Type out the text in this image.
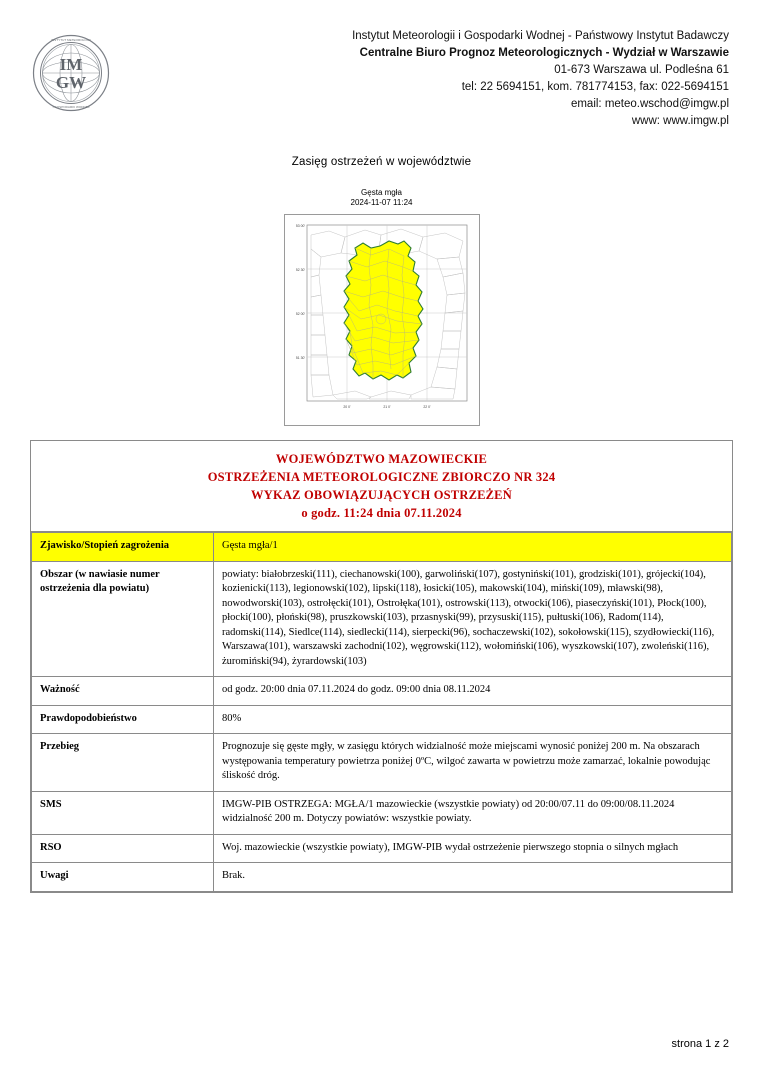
IM
GW
INSTYTUT METEOROLOGII
I GOSPODARKI WODNEJ
Instytut Meteorologii i Gospodarki Wodnej - Państwowy Instytut Badawczy
Centralne Biuro Prognoz Meteorologicznych - Wydział w Warszawie
01-673 Warszawa ul. Podleśna 61
tel: 22 5694151, kom. 781774153, fax: 022-5694151
email: meteo.wschod@imgw.pl
www: www.imgw.pl
Zasięg ostrzeżeń w województwie
Gęsta mgła
2024-11-07 11:24
53 00'
52 30'
52 00'
51 30'
20 0'	21 0'	22 0'
WOJEWÓDZTWO MAZOWIECKIE
OSTRZEŻENIA METEOROLOGICZNE ZBIORCZO NR 324
WYKAZ OBOWIĄZUJĄCYCH OSTRZEŻEŃ
o godz. 11:24 dnia 07.11.2024
Zjawisko/Stopień zagrożenia	Gęsta mgła/1
Obszar (w nawiasie numer ostrzeżenia dla powiatu)	powiaty: białobrzeski(111), ciechanowski(100), garwoliński(107), gostyniński(101), grodziski(101), grójecki(104), kozienicki(113), legionowski(102), lipski(118), łosicki(105), makowski(104), miński(109), mławski(98), nowodworski(103), ostrołęcki(101), Ostrołęka(101), ostrowski(113), otwocki(106), piaseczyński(101), Płock(100), płocki(100), płoński(98), pruszkowski(103), przasnyski(99), przysuski(115), pułtuski(106), Radom(114), radomski(114), Siedlce(114), siedlecki(114), sierpecki(96), sochaczewski(102), sokołowski(115), szydłowiecki(116), Warszawa(101), warszawski zachodni(102), węgrowski(112), wołomiński(106), wyszkowski(107), zwoleński(116), żuromiński(94), żyrardowski(103)
Ważność	od godz. 20:00 dnia 07.11.2024 do godz. 09:00 dnia 08.11.2024
Prawdopodobieństwo	80%
Przebieg	Prognozuje się gęste mgły, w zasięgu których widzialność może miejscami wynosić poniżej 200 m. Na obszarach występowania temperatury powietrza poniżej 0ºC, wilgoć zawarta w powietrzu może zamarzać, lokalnie powodując śliskość dróg.
SMS	IMGW-PIB OSTRZEGA: MGŁA/1 mazowieckie (wszystkie powiaty) od 20:00/07.11 do 09:00/08.11.2024 widzialność 200 m. Dotyczy powiatów: wszystkie powiaty.
RSO	Woj. mazowieckie (wszystkie powiaty), IMGW-PIB wydał ostrzeżenie pierwszego stopnia o silnych mgłach
Uwagi	Brak.
strona 1 z 2
